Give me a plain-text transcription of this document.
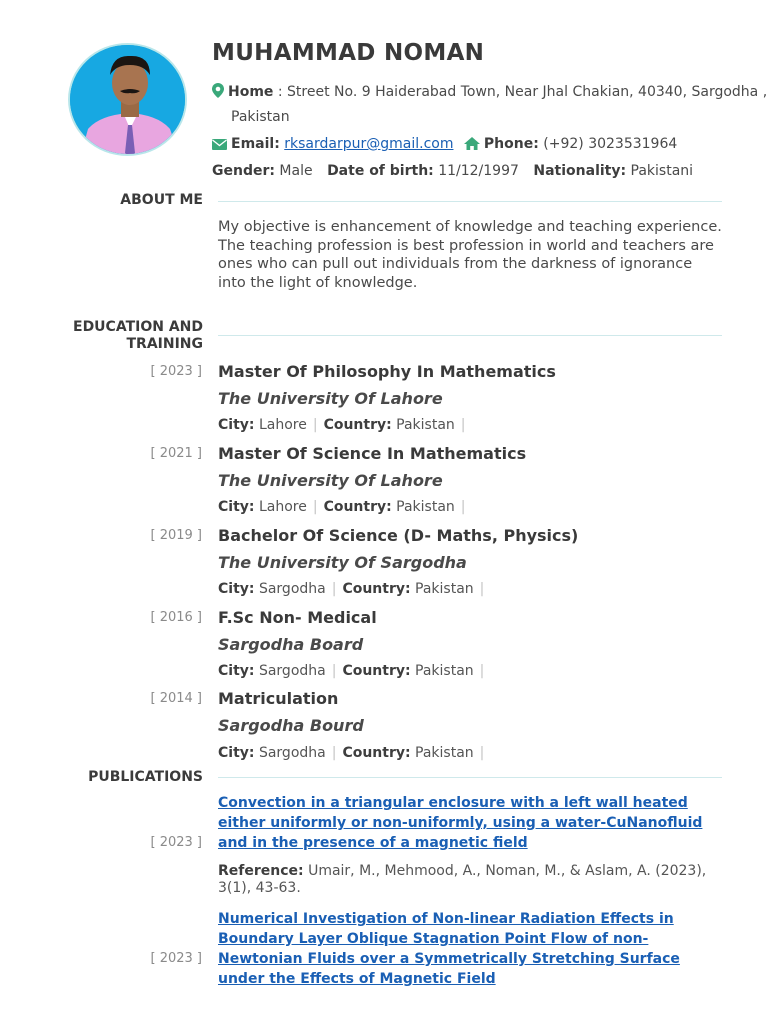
MUHAMMAD NOMAN
Home : Street No. 9 Haiderabad Town, Near Jhal Chakian, 40340, Sargodha ,
Pakistan
Email: rksardarpur@gmail.com Phone: (+92) 3023531964
Gender: Male Date of birth: 11/12/1997 Nationality: Pakistani
ABOUT ME
My objective is enhancement of knowledge and teaching experience. The teaching profession is best profession in world and teachers are ones who can pull out individuals from the darkness of ignorance into the light of knowledge.
EDUCATION AND
TRAINING
[ 2023 ] Master Of Philosophy In Mathematics
The University Of Lahore
City: Lahore | Country: Pakistan |
[ 2021 ] Master Of Science In Mathematics
The University Of Lahore
City: Lahore | Country: Pakistan |
[ 2019 ] Bachelor Of Science (D- Maths, Physics)
The University Of Sargodha
City: Sargodha | Country: Pakistan |
[ 2016 ] F.Sc Non- Medical
Sargodha Board
City: Sargodha | Country: Pakistan |
[ 2014 ] Matriculation
Sargodha Bourd
City: Sargodha | Country: Pakistan |
PUBLICATIONS
[ 2023 ]
Convection in a triangular enclosure with a left wall heated either uniformly or non-uniformly, using a water-CuNanofluid and in the presence of a magnetic field
Reference: Umair, M., Mehmood, A., Noman, M., & Aslam, A. (2023), 3(1), 43-63.
[ 2023 ]
Numerical Investigation of Non-linear Radiation Effects in Boundary Layer Oblique Stagnation Point Flow of non-Newtonian Fluids over a Symmetrically Stretching Surface under the Effects of Magnetic Field
